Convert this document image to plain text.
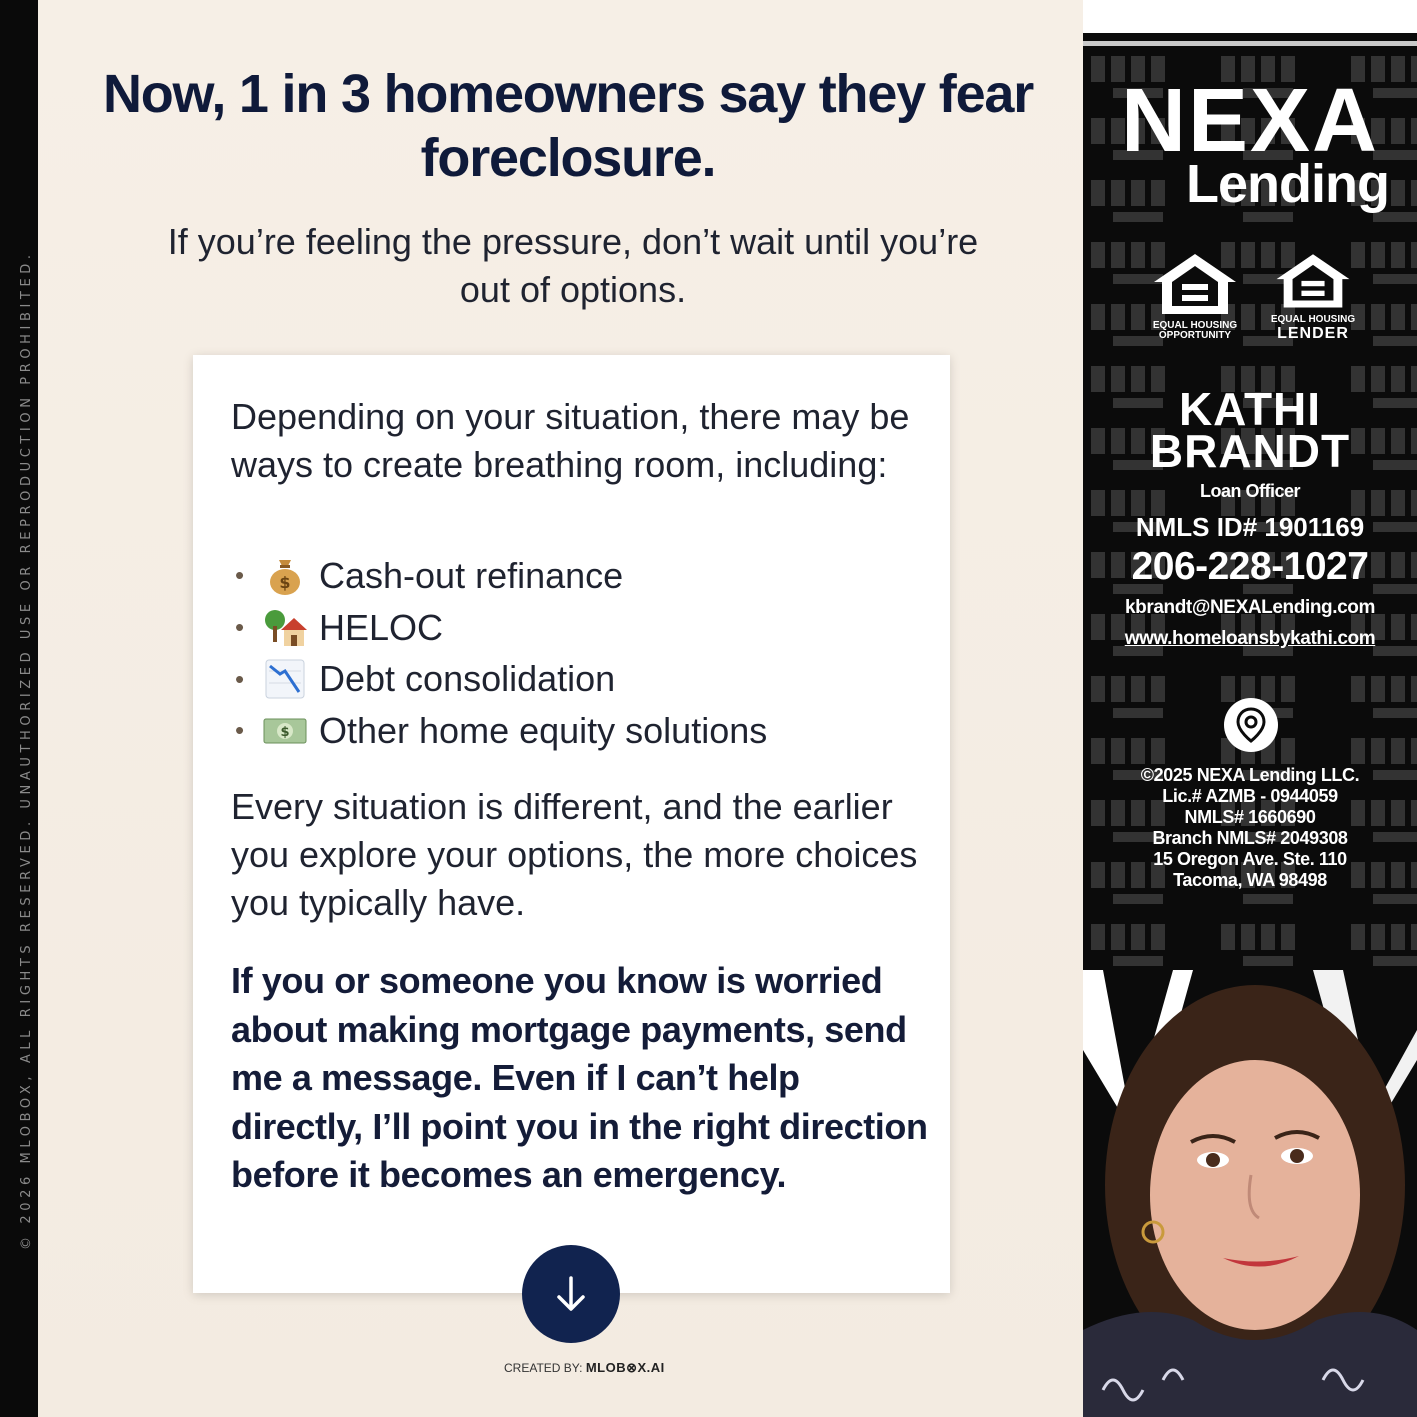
© 2026 MLOBOX, ALL RIGHTS RESERVED. UNAUTHORIZED USE OR REPRODUCTION PROHIBITED.
Now, 1 in 3 homeowners say they fear foreclosure.

If you’re feeling the pressure, don’t wait until you’re out of options.

Depending on your situation, there may be ways to create breathing room, including:

•	$ Cash-out refinance
•	HELOC
•	Debt consolidation
•	$ Other home equity solutions

Every situation is different, and the earlier you explore your options, the more choices you typically have.

If you or someone you know is worried about making mortgage payments, send me a message. Even if I can’t help directly, I’ll point you in the right direction before it becomes an emergency.

CREATED BY: MLOB⊗X.AI
NEXA
Lending
EQUAL HOUSING
OPPORTUNITY
EQUAL HOUSING
LENDER
KATHI
BRANDT
Loan Officer
NMLS ID# 1901169
206-228-1027
kbrandt@NEXALending.com
www.homeloansbykathi.com
©2025 NEXA Lending LLC.
Lic.# AZMB - 0944059
NMLS# 1660690
Branch NMLS# 2049308
15 Oregon Ave. Ste. 110
Tacoma, WA 98498
